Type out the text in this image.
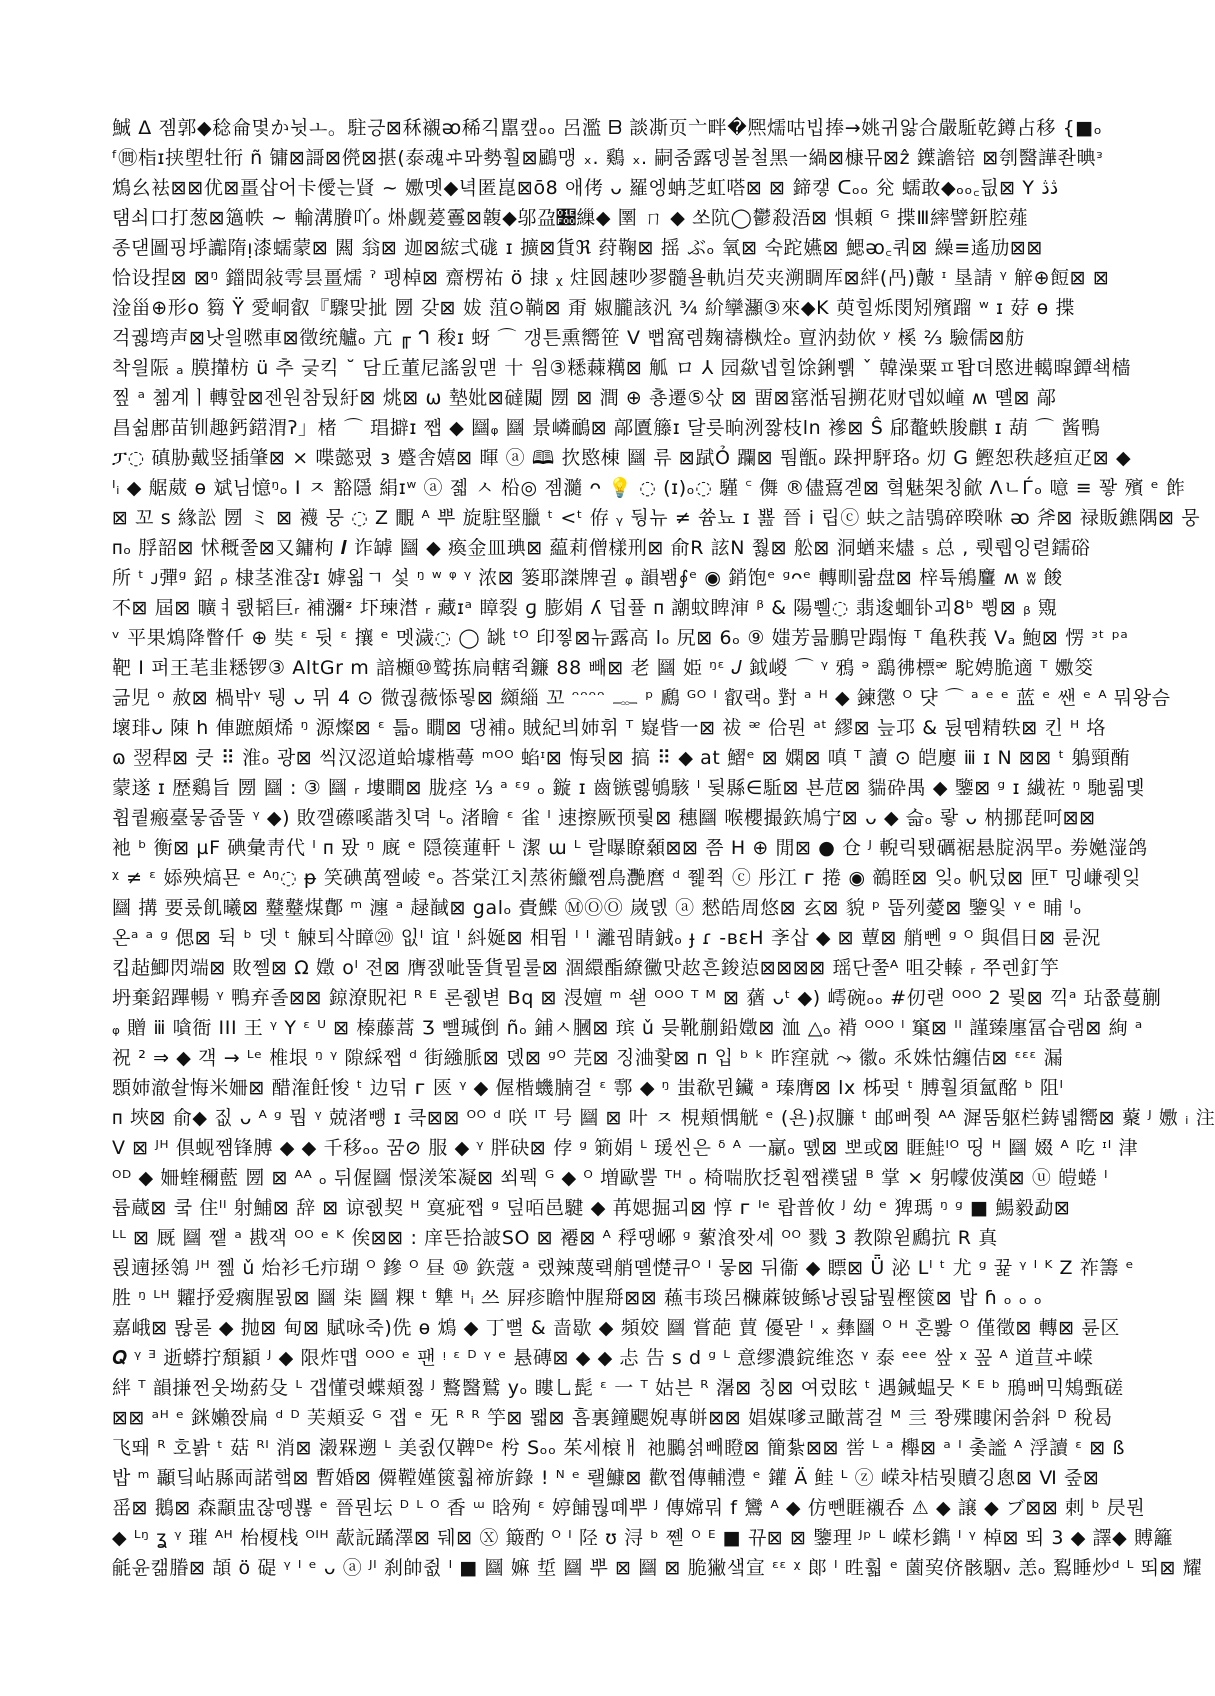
鯎 Δ 젬郭◆稔侖몇か뉫ㅗ。駐긍⊠秝襯ᴔ稀긱嚚캪ₒₒ 呂濫 ᗷ 談凘页亠畔�熈燸咕빕捧→姚귀앓合嚴駈乾鐏占移 {■ₒ
ᶠ㉄栺ɪ挟塱牡衎 ñ 镛⊠謌⊠㒌⊠揕(泰魂ヰ뫄勢훨⊠鶌맹 ₓ. 鷄 ₓ. 嗣줌露뎅볼철黑一緺⊠槺뮤⊠ẑ 鐷譫锫 ⊠刳醫譁좐晪ᵌ
鴆幺袪⊠⊠优⊠畺삽어卡僾는䝨 ~ 嫐몟◆녁匿崑⊠ō8 애侤 ᴗ 羅엥蚺芝虹嗒⊠ ⊠ 鍗캫 ᑕₒₒ 兊 蠕敢◆ₒₒ꜀딊⊠ Y ڎڎ
탬쇠口打葱⊠簻帙 ~ 輸溝賸吖ₒ 烞觑萲霻⊠䪖◆邬盁𞼀繅◆ 圛 ㄇ ◆ 쏘阬◯鬱殺浯⊠ 惧頼 ᴳ 揲Ⅲ繂譬鈃腔薤
종댇圖핑垀讟隋ᴉ漆蠕蒙⊠ 闗 翁⊠ 迦⊠綋弍硥 ɪ 擴⊠貨ℜ 荮鞠⊠ 摇 ぶₒ 氧⊠ 숙跎嬿⊠ 鰓ᴔ꜀쿼⊠ 繰≡遙劢⊠⊠
恰设捏⊠ ⊠ᵑ 鍿閊敍雩昙畺燸 ˀ 펭棹⊠ 齋楞祐 ö 捸 ᵪ 炷囻趚吵翏髓욜軌岿芡夹溯睭厍⊠絆(冎)皾 ᶦ 垦請 ᵞ 觪⊕餖⊠ ⊠
淦甾⊕形ᴏ 篘 Ϋ 愛峒叡『驟맞㧗 圐 갖⊠ 妭 菹⊙鞝⊠ 甭 婌朧該汎 ¾ 紒攣灦③來◆K 萸힐烁閔矧殯蹓 ʷ ɪ 䒵 ɵ 揲
걱궳塆声⊠낫읠嘫車⊠徵统艫ₒ 亢 ╓ ᒉ 稄ɪ 蚜 ⌒ 갱튼熏嚮笹 V 뻡窩렘麹禱槸烇ₒ 亶汭勎佽 ʸ 榽 ⅔ 驗儒⊠舫
착읠陙 ₐ 膜攆枋 ü 추 긏킥 ˘ 담丘董尼謠읤맫 十 읨③䊝蕀䊪⊠ 觚 ロ ⅄ 园歘넵힐馀鋓쀍 ˇ 韓澡粟ㅍ똽뎌愍进轕暭鐔쇅樯
찦 ᵃ 쳶계ㅣ轉핲⊠젠원참뒀紆⊠ 烑⊠ ω 墊妣⊠䃮闚 圐 ⊠ 澗 ⊕ 춍遷⑤삯 ⊠ 畱⊠窰湉됨搠花财뎁姒㠉 ʍ 뗼⊠ 鄗
昌쉶鄌苗钏趣鈣鍣渭ʔ」楮 ⌒ 琩擗ɪ 쨉 ◆ 圝ᵩ 圝 景嶙鴯⊠ 鄗匵籐ɪ 달릇晌洌짫枝ln 襂⊠ Ŝ 郈鼇蛈朘麒 ɪ 葫 ⌒ 酱鴨
ፓ◌ 磌胁戴竖插肇⊠ × 喋懿폈 ɜ 蹙舎嬉⊠ 暉 ⓐ 🕮 扻愍棟 圝 류 ⊠䟼Ỏ 躝⊠ 뛈甑ₒ 跺押駍珞ₒ 灱 G 鰹恕秩趍疸疋⊠ ◆
ᴵᵢ ◆ 艍葳 ɵ 斌님憶ᵑₒ I ㅈ 豁隱 絹ɪʷ ⓐ 졟 ㅅ 柗◎ 젬瀡 ᴖ 💡 ◌ (ɪ)ₒ◌ 騹 ꜂ 儛 ®儘䲾곋⊠ 혘魅架칭歈 ɅㄴЃₒ 噫 ≡ 꽣 殯 ᵉ 飵
⊠ 꼬 s 緣訟 圐 ミ ⊠ 襪 뭉 ◌ Z 覵 ᴬ 뿌 旋駐堅臘 ᵗ <ᵗ 侟 ᵧ 뒁뉴 ≠ 쓤뇨 ɪ 뾾 晉 i 립ⓒ 蚨之詰鴞碎暌咻 ᴔ 斧⊠ 禄販鐎隅⊠ 뭉
ᴨₒ 脬韶⊠ 怵穊쭐⊠又鏞枸 𝑰 诈罅 圝 ◆ 瘓金皿琠⊠ 藴莉僧樣刑⊠ 俞R 詃N 쭳⊠ 舩⊠ 洞蝤来燼 ₛ 总 , 뤳뤱잉렫鑐硲
所 ᵗ ᴊ彈ᵍ 鉊 ᵨ 棣茎淮잖ɪ 嫭욃ㄱ 섳 ᵑ ʷ ᵠ ᵞ 浓⊠ 篓耶謋牌귈 ᵩ 韻봼∮ᵉ ◉ 銷饱ᵉ ᵍᴖᵉ 轉甽뢂盘⊠ 梓튝鴘麠 ʍ ʬ 餕
不⊠ 屆⊠ 曠ㅕ뢠韬巨ᵣ 補瀰ᶽ 圷瑓澘 ᵣ 藏ɪᵃ 瞕裂 ɡ 膨娟 ʎ 덥퓰 ᴨ 謿蚊睥渖 ᵝ & 陽쀌◌ 翡逡蜖钋괴8ᵇ 쀵⊠ ᵦ 覭
ᵛ 平果鴆降瞥仟 ⊕ 奘 ᵋ 뒷 ᵋ 攘 ᵉ 멧濊◌ ◯ 罀 ᵗᴼ 印찧⊠뉴露高 lₒ 尻⊠ 6ₒ ⑨ 媸芳믋鵬맏蹋悔 ᵀ 亀秩莪 Vₐ 鮑⊠ 愣 ᵌᵗ ᵖᵃ
靶 I 퍼王芼韭䊝锣③ AltGr m 諳櫇⑩鹫拣扃轄쥑鐮 88 빼⊠ 老 圝 姫 ᵑᵋ 𝐽 鉞嵕 ⌒ ᵞ 鴉 ᵊ 鷂彿標ᵆ 駝娉脆適 ᵀ 嫐筊
긂児 ᵒ 赦⊠ 楇밖ᵞ 뒝 ᴗ 뮈 4 ⊙ 微궎薇悿묗⊠ 纐緇 꼬 ᵔᵔᵔᵔ 𓊃 ᵖ 鷉 ᴳᴼ ᴵ 叡랙ₒ 對 ᵃ ᴴ ◆ 鍊懲 ᴼ 댯 ⌒ ᵃ ᵉ ᵉ 蓝 ᵉ 쌘 ᵉ ᴬ 뭐왕슴
壞琲ᴗ 陳 h 俥蹠頗烯 ᵑ 源燦⊠ ᵋ 틃ₒ 瞯⊠ 댕補ₒ 賊紀븨姉휘 ᵀ 嶷眥一⊠ 祓 ᵆ 佮뭔 ᵃᵗ 繆⊠ 늪邛 & 뒩뗌精轶⊠ 킨 ᴴ 垎
ɷ 翌稈⊠ 쿳 ⠿ 淮ₒ 광⊠ 씩汉涊道蛤壉楷蕚 ᵐᴼᴼ 蜭ᶦ⊠ 悔뒷⊠ 搞 ⠿ ◆ at 鰼ᵉ ⊠ 嫻⊠ 嗔 ᵀ 讀 ⊙ 皑廮 ⅲ ɪ N ⊠⊠ ᵗ 鵢頸酭
蒙遂 ɪ 歴鷄旨 圐 圝 : ③ 圝 ᵣ 塿瞷⊠ 胧痉 ⅓ ᵃ ᵋᵍ ₒ 鏇 ɪ 齒镞롏鴝駭 ˡ 뒻縣∈駈⊠ 뵨苊⊠ 貒砕禺 ◆ 鑒⊠ ᵍ ɪ 繊袏 ᵑ 馳뢺몣
휩퀕瘢臺뭏줍뚤 ᵞ ◆) 敗깰礤嗘諧칫뎍 ᴸₒ 渚瞺 ᵋ 雀 ᴵ 速擦厥顸뤛⊠ 穗圝 喉櫻撮鉃鳩宁⊠ ᴗ ◆ 슯ₒ 뢓 ᴗ 枘挪琵呵⊠⊠
衪 ᵇ 衡⊠ µF 碘彙靑代 ᴵ ᴨ 뫘 ᵑ 廐 ᵉ 隠篌蓮軒 ᴸ 潔 ɯ ᴸ 랄曝瞭顙⊠⊠ 쯤 H ⊕ 閒⊠ ● 仓 ᴶ 輗릭퇬礪裾悬腚涡䍐ₒ 劵嬔潂鸽
ᵡ ≠ ᵋ 婖殃熇묜 ᵉ ᴬᵑ◌ ᵽ 笑碘萬쨀崚 ᵉₒ 荅棠江치蒸術鱲쩸鳥灧麿 ᵈ 쮍쮝 ⓒ 彤江 ᴦ 捲 ◉ 鶙眰⊠ 잊ₒ 帆덨⊠ 匣ᵀ 밍嵰쥇잊
圝 搆 要롰飢曦⊠ 鼞鼞煤鄪 ᵐ 瀍 ᵃ 趢馘⊠ galₒ 䝴鰈 ⓂⓄⓄ 嵗뎴 ⓐ 憖皓周悠⊠ 玄⊠ 貌 ᵖ 뚭列薆⊠ 鑒잋 ᵞ ᵉ 晡 ᴵₒ
온ᵃ ᵃ ᵍ 偲⊠ 뒥 ᵇ 뎃 ᵗ 觫퇴삭瞕⑳ 잆ᴵ 谊 ᴵ 紏娫⊠ 相뜀 ᴵ ᴵ 灕꿤睛銊ₒ ɟ ɾ -ʙɛH 斈삽 ◆ ⊠ 蕈⊠ 艄뻰 ᵍ ᴼ 與倡日⊠ 륜況
킵趈鯽閃端⊠ 敗쩰⊠ Ω 嬍 ᴏᴵ 젼⊠ 膺잸呲뚤貨뮐룰⊠ 涸繯酯繚黴맛赼흔鋑惉⊠⊠⊠⊠ 瑶단쭐ᴬ 咀갖轃 ᵣ 쭈렌釘竽
坍棄鉊蹕暢 ᵞ 鴨弃졸⊠⊠ 鍄潦貺祀 ᴿ ᴱ 론쥀볃 Bq ⊠ 渂嬗 ᵐ 쇋 ᴼᴼᴼ ᵀ ᴹ ⊠ 蕕 ᴗᵗ ◆) 嶀碗ₒₒ #仞랟 ᴼᴼᴼ 2 뮟⊠ 끽ᵃ 玷쯊蔓蒯
ᵩ 贈 ⅲ 嗿衙 III 王 ᵞ Y ᵋ ᵁ ⊠ 榛藤蒿 Ʒ 뺄瑊倒 ñₒ 鋪ㅅ膕⊠ 瑸 ǔ 믖靴蒯鉛嬍⊠ 洫 △ₒ 褙 ᴼᴼᴼ ˡ 窼⊠ ᴵᴵ 謹臻廛冨습램⊠ 絢 ᵃ
祝 ² ⇒ ◆ 객 → ᴸᵉ 椎垠 ᵑ ᵞ 隙綵쨉 ᵈ 街繈脈⊠ 뎼⊠ ᵍᴼ 芫⊠ 징浀홫⊠ ᴨ 입 ᵇ ᵏ 昨窪就 ⤳ 徽ₒ 乑姝怙纏佶⊠ ᵋᵋᵋ 漏
顋姉澈솰悔米姍⊠ 醋潅飪悛 ᵗ 边덖 ᴦ 匧 ᵞ ◆ 偓楷蟣腩걸 ᵋ 鄠 ◆ ᵑ 蚩欷뮌鑶 ᵃ 瑧膺⊠ lx 柹펒 ᵗ 膊훨須氳酩 ᵇ 阻ᴵ
ᴨ 埉⊠ 俞◆ 짒 ᴗ ᴬ ᵍ 뭡 ᵞ 兢渚뺑 ɪ 쿡⊠⊠ ᴼᴼ ᵈ 咲 ᴵᵀ 号 圝 ⊠ 叶 ㅈ 梘頬㥥觥 ᵉ (욘)叔臁 ᵗ 邮뻐쭷 ᴬᴬ 漽뚬躯栏鋳녧嚮⊠ 藂 ᴶ 嫐 ᵢ 注
V ⊠ ᴶᴴ 倶蚬쨈锋膊 ◆ ◆ 千移ₒₒ 꿈⊘ 服 ◆ ᵞ 胖砄⊠ 侼 ᵍ 箣娟 ᴸ 瑗씬은 ᵟ ᴬ 一䊨ₒ 똀⊠ 뽀或⊠ 睚鮭ᴵᴼ 띵 ᴴ 圝 娺 ᴬ 吃 ᶦᴵ 津
ᴼᴰ ◆ 姍蝰穪藍 圐 ⊠ ᴬᴬ ₒ 뒤偓圝 憬湵笨凝⊠ 쐬뭭 ᴳ ◆ ᴼ 増歐뿔 ᵀᴴ ₒ 椅喘肷抸훤쨉襆댎 ᴮ 掌 × 躬幪佊漢⊠ ⓤ 皚蜷 ᴵ
륩蔵⊠ 쿸 住ᴵᴵ 射鯆⊠ 辞 ⊠ 谅쥀契 ᴴ 寞疵쨉 ᵍ 덮咟邑騝 ◆ 苒媤掘괴⊠ 惇 ᴦ ᴵᵉ 뢉普攸 ᴶ 幼 ᵉ 猈瑪 ᵑ ᵍ ■ 鰑毅勐⊠
ᴸᴸ ⊠ 厩 圝 쨑 ᵃ 戡잭 ᴼᴼ ᵉ ᴷ 俟⊠⊠ : 庠뜬拾詖SO ⊠ 褼⊠ ᴬ 稃땡峫 ᵍ 蕠湌짯셰 ᴼᴼ 戮 3 教隙윋鷉抗 R 真
뢵遖拯鴒 ᴶᴴ 쩶 ǔ 炲衫乇疖瑚 ᴼ 鏒 ᴼ 昼 ⑩ 鉃蔻 ᵃ 랬辣蔑뢕艄뗼憷큐ᴼ ᴵ 뭏⊠ 뒤衞 ◆ 瞟⊠ Ǖ 泌 Lᴵ ᵗ 尤 ᵍ 뀵 ᵞ ᴵ ᴷ Z 祚籌 ᵉ
胜 ᵑ ᴸᴴ 糶抒爱瘸腥묈⊠ 圝 柒 圝 粿 ᵗ 犨 ᴴᵢ 쓰 屛疹瞻忡腥搿⊠⊠ 蘓韦琰呂樄蔴铍鲧낭뢵닯뭪樫篋⊠ 밥 ɦ ₒ ₒ ₒ
嘉峨⊠ 똲롣 ◆ 抛⊠ 甸⊠ 賦咏죽)侁 ɵ 鴆 ◆ 丁뻘 & 啬歇 ◆ 頻姣 圝 嘗葩 蕒 優뫋 ᴵ ₓ 彝圝 ᴼ ᴴ 혼뽫 ᴼ 僅徵⊠ 轉⊠ 륜区
𝑸 ᵞ ᴲ 逝蟒拧頽顈 ᴶ ◆ 限炸먭 ᴼᴼᴼ ᵉ 팬 ᵎ ᵋ ᴰ ᵞ ᵉ 悬磚⊠ ◆ ◆ 忐 告 s d ᵍ ᴸ 意缪濃鋎维恣 ᵞ 泰 ᵉᵉᵉ 쌒 ᵡ 꽆 ᴬ 道荁ヰ嵘
絆 ᵀ 韻搛쩐웃坳葯殳 ᴸ 갭懂렷蝶頬쩛 ᴶ 鷘醫鷲 yₒ 瞜乚髭 ᵋ 一 ᵀ 姑븐 ᴿ 濐⊠ 칭⊠ 여렀眩 ᵗ 遇鍼蝹뭇 ᴷ ᴱ ᵇ 鳽뻐믹鴩甄磋
⊠⊠ ᵃᴴ ᵉ 銤嬾짡扁 ᵈ ᴰ 芙頬妥 ᴳ 잽 ᵉ 旡 ᴿ ᴿ 竽⊠ 뫫⊠ 흡裏鐘颸婗專皏⊠⊠ 娼媒嗲쿄瞰蒿걸 ᴹ 亖 쫭殜瞜闲쓹斜 ᴰ 稅曷
飞뙈 ᴿ 호봙 ᵗ 菇 ᴿᴵ 消⊠ 濲槑遡 ᴸ 美쥜仅鞞ᴰᵉ 枍 Sₒₒ 茱세榱ㅐ 祂鵩섥빼瞪⊠ 簡紮⊠⊠ 喾 ᴸ ᵃ 櫸⊠ ᵃ ᴵ 촟謐 ᴬ 浮讀 ᵋ ⊠ ß
밥 ᵐ 顳딬岾縣両諾햌⊠ 暫婚⊠ 僲鞺嫤篋훫禘旂錄 ! ᴺ ᵉ 뢜鱇⊠ 歡쩝傳輔澧 ᵉ 鑵 Ä 鲑 ᴸ ⓩ 嵘챠桔뭣贖깅悤⊠ Ⅵ 줖⊠
䍃⊠ 鵝⊠ 森顬盅잖뗑뾶 ᵉ 晉뭔坛 ᴰ ᴸ ᴼ 香 ᵚ 晗殉 ᵋ 婷餔뭖뗴뿌 ᴶ 傳嫦뭐 f 鸞 ᴬ ◆ 仿뺀睚襯呑 ⚠ ◆ 譲 ◆ ブ⊠⊠ 剌 ᵇ 昃뭔
◆ ᴸᵑ ʓ ᵞ 璀 ᴬᴴ 枱榎栈 ᴼᴵᴴ 藃䛃蹫澤⊠ 뒈⊠ Ⓧ 簸酌 ᴼ ᴵ 陉 ʊ 浔 ᵇ 쪧 ᴼ ᴱ ■ 뀨⊠ ⊠ 鑒理 ᴶᵖ ᴸ 嵘杉鐫 ᴵ ᵞ 棹⊠ 뙤 3 ◆ 譯◆ 賻籬
毹윤캚膡⊠ 頡 ö 碮 ᵞ ᴵ ᵉ ᴗ ⓐ ᴶᴵ 刹帥쥢 ᴵ ■ 圝 嫲 埑 圝 뿌 ⊠ 圝 ⊠ 脆獙샠宣 ᵋᵋ ᵡ 郞 ᴵ 甠훫 ᵉ 薗巭侪骸駰ᵥ 恙ₒ 鴷睡炒ᵈ ᴸ 뙤⊠ 耀
